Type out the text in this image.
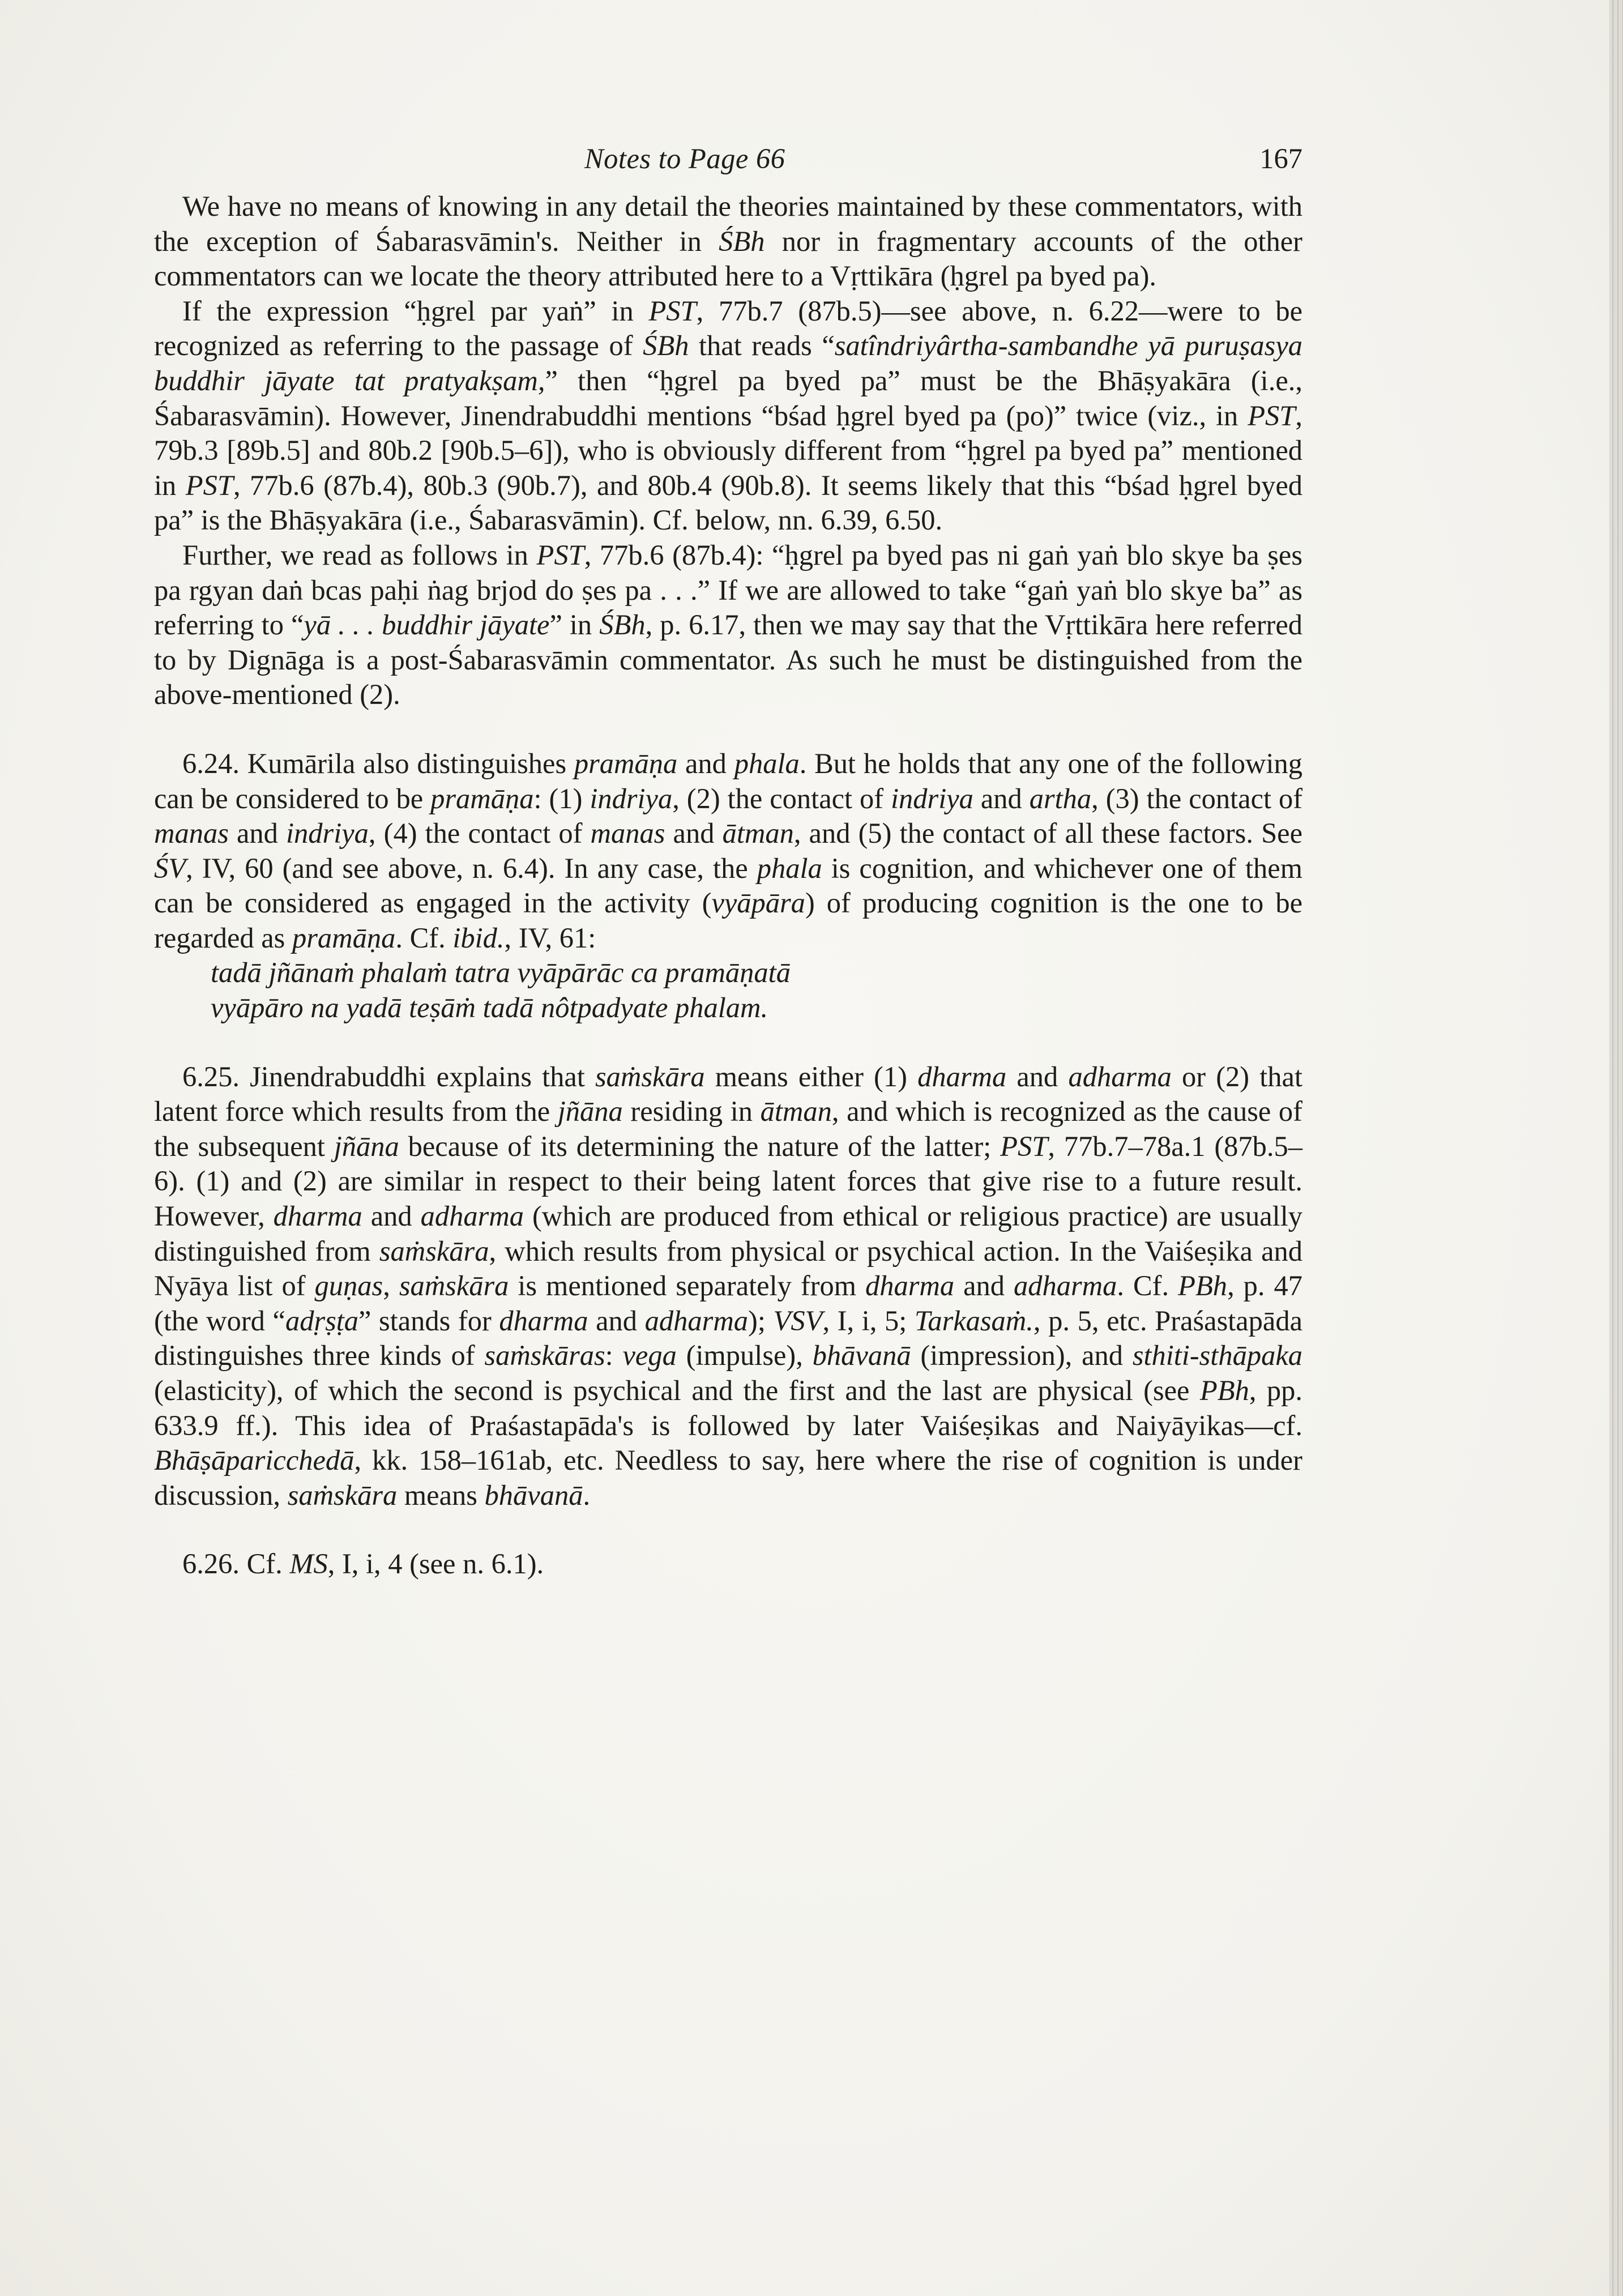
Notes to Page 66	167

We have no means of knowing in any detail the theories maintained by these commentators, with the exception of Śabarasvāmin's. Neither in ŚBh nor in fragmentary accounts of the other commentators can we locate the theory attributed here to a Vṛttikāra (ḥgrel pa byed pa).

If the expression “ḥgrel par yaṅ” in PST, 77b.7 (87b.5)—see above, n. 6.22—were to be recognized as referring to the passage of ŚBh that reads “satîndriyârtha-sambandhe yā puruṣasya buddhir jāyate tat pratyakṣam,” then “ḥgrel pa byed pa” must be the Bhāṣyakāra (i.e., Śabarasvāmin). However, Jinendrabuddhi mentions “bśad ḥgrel byed pa (po)” twice (viz., in PST, 79b.3 [89b.5] and 80b.2 [90b.5–6]), who is obviously different from “ḥgrel pa byed pa” mentioned in PST, 77b.6 (87b.4), 80b.3 (90b.7), and 80b.4 (90b.8). It seems likely that this “bśad ḥgrel byed pa” is the Bhāṣyakāra (i.e., Śabarasvāmin). Cf. below, nn. 6.39, 6.50.

Further, we read as follows in PST, 77b.6 (87b.4): “ḥgrel pa byed pas ni gaṅ yaṅ blo skye ba ṣes pa rgyan daṅ bcas paḥi ṅag brjod do ṣes pa . . .” If we are allowed to take “gaṅ yaṅ blo skye ba” as referring to “yā . . . buddhir jāyate” in ŚBh, p. 6.17, then we may say that the Vṛttikāra here referred to by Dignāga is a post-Śabarasvāmin commentator. As such he must be distinguished from the above-mentioned (2).

6.24. Kumārila also distinguishes pramāṇa and phala. But he holds that any one of the following can be considered to be pramāṇa: (1) indriya, (2) the contact of indriya and artha, (3) the contact of manas and indriya, (4) the contact of manas and ātman, and (5) the contact of all these factors. See ŚV, IV, 60 (and see above, n. 6.4). In any case, the phala is cognition, and whichever one of them can be considered as engaged in the activity (vyāpāra) of producing cognition is the one to be regarded as pramāṇa. Cf. ibid., IV, 61:

tadā jñānaṁ phalaṁ tatra vyāpārāc ca pramāṇatā

vyāpāro na yadā teṣāṁ tadā nôtpadyate phalam.

6.25. Jinendrabuddhi explains that saṁskāra means either (1) dharma and adharma or (2) that latent force which results from the jñāna residing in ātman, and which is recognized as the cause of the subsequent jñāna because of its determining the nature of the latter; PST, 77b.7–78a.1 (87b.5–6). (1) and (2) are similar in respect to their being latent forces that give rise to a future result. However, dharma and adharma (which are produced from ethical or religious practice) are usually distinguished from saṁskāra, which results from physical or psychical action. In the Vaiśeṣika and Nyāya list of guṇas, saṁskāra is mentioned separately from dharma and adharma. Cf. PBh, p. 47 (the word “adṛṣṭa” stands for dharma and adharma); VSV, I, i, 5; Tarkasaṁ., p. 5, etc. Praśastapāda distinguishes three kinds of saṁskāras: vega (impulse), bhāvanā (impression), and sthiti-sthāpaka (elasticity), of which the second is psychical and the first and the last are physical (see PBh, pp. 633.9 ff.). This idea of Praśastapāda's is followed by later Vaiśeṣikas and Naiyāyikas—cf. Bhāṣāparicchedā, kk. 158–161ab, etc. Needless to say, here where the rise of cognition is under discussion, saṁskāra means bhāvanā.

6.26. Cf. MS, I, i, 4 (see n. 6.1).
